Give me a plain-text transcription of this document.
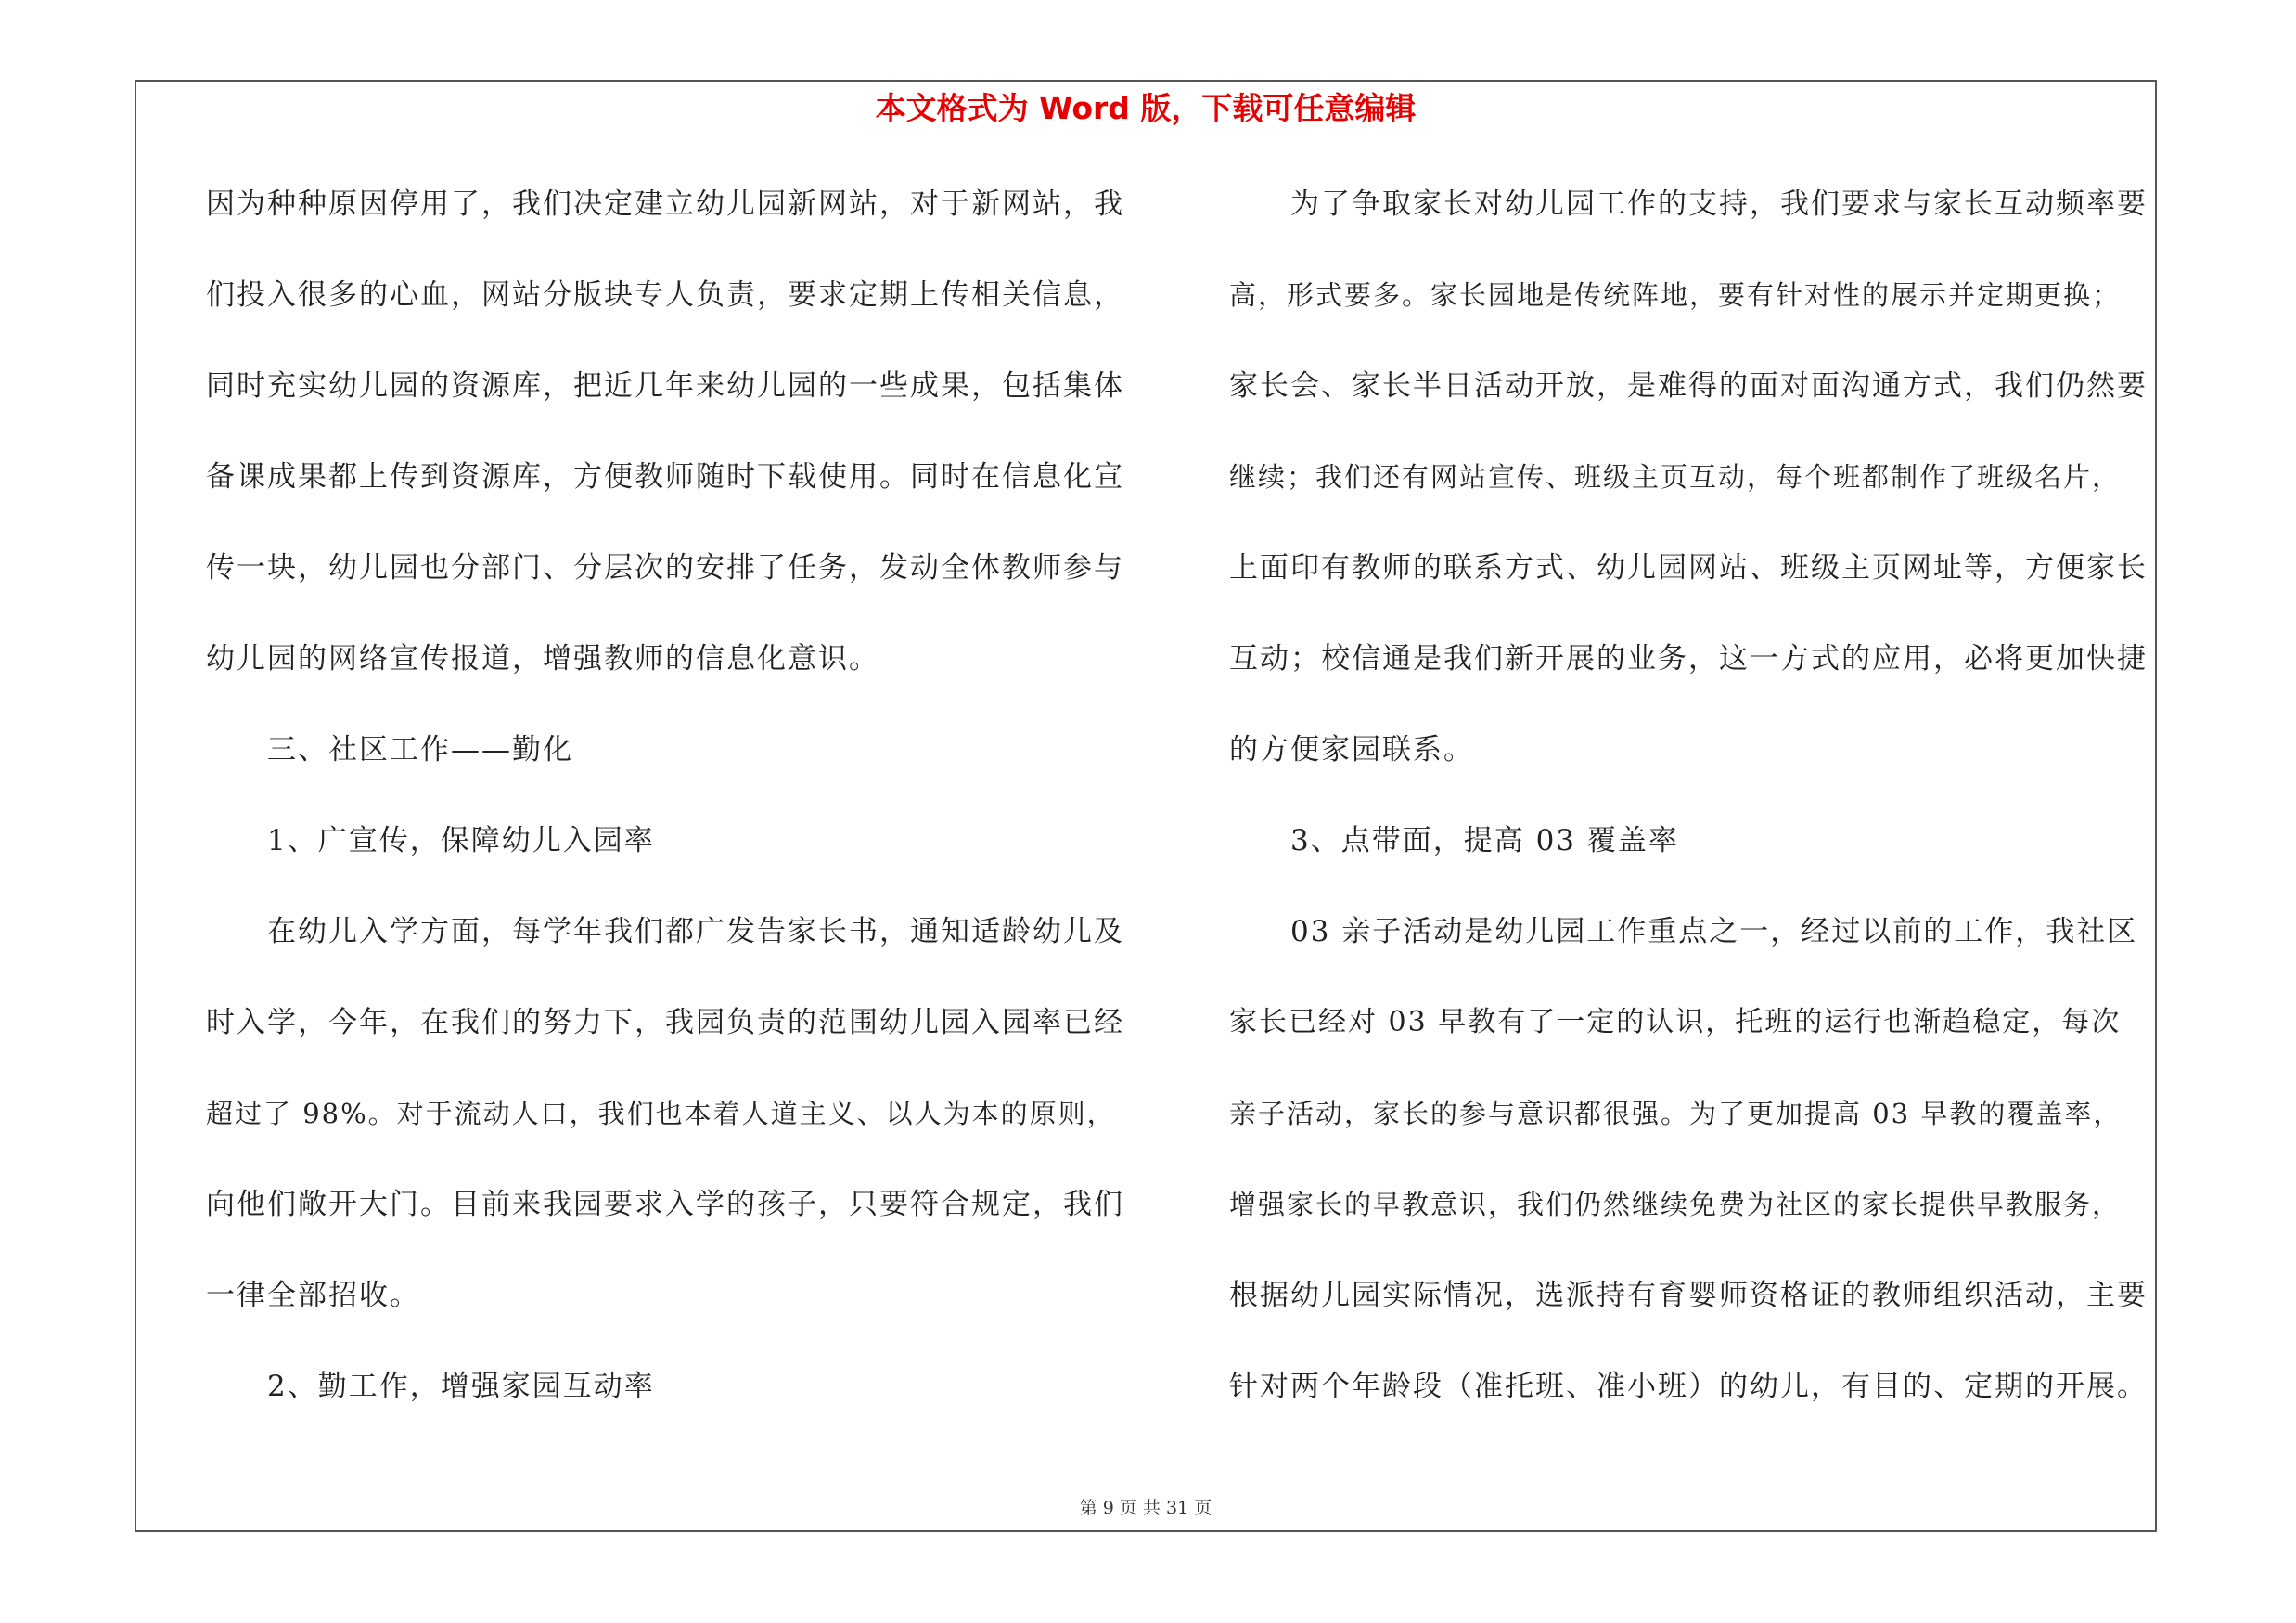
本文格式为 Word 版，下载可任意编辑
因为种种原因停用了，我们决定建立幼儿园新网站，对于新网站，我
们投入很多的心血，网站分版块专人负责，要求定期上传相关信息，
同时充实幼儿园的资源库，把近几年来幼儿园的一些成果，包括集体
备课成果都上传到资源库，方便教师随时下载使用。同时在信息化宣
传一块，幼儿园也分部门、分层次的安排了任务，发动全体教师参与
幼儿园的网络宣传报道，增强教师的信息化意识。
三、社区工作——勤化
1、广宣传，保障幼儿入园率
在幼儿入学方面，每学年我们都广发告家长书，通知适龄幼儿及
时入学，今年，在我们的努力下，我园负责的范围幼儿园入园率已经
超过了 98%。对于流动人口，我们也本着人道主义、以人为本的原则，
向他们敞开大门。目前来我园要求入学的孩子，只要符合规定，我们
一律全部招收。
2、勤工作，增强家园互动率
为了争取家长对幼儿园工作的支持，我们要求与家长互动频率要
高，形式要多。家长园地是传统阵地，要有针对性的展示并定期更换；
家长会、家长半日活动开放，是难得的面对面沟通方式，我们仍然要
继续；我们还有网站宣传、班级主页互动，每个班都制作了班级名片，
上面印有教师的联系方式、幼儿园网站、班级主页网址等，方便家长
互动；校信通是我们新开展的业务，这一方式的应用，必将更加快捷
的方便家园联系。
3、点带面，提高 03 覆盖率
03 亲子活动是幼儿园工作重点之一，经过以前的工作，我社区
家长已经对 03 早教有了一定的认识，托班的运行也渐趋稳定，每次
亲子活动，家长的参与意识都很强。为了更加提高 03 早教的覆盖率，
增强家长的早教意识，我们仍然继续免费为社区的家长提供早教服务，
根据幼儿园实际情况，选派持有育婴师资格证的教师组织活动，主要
针对两个年龄段（准托班、准小班）的幼儿，有目的、定期的开展。
第 9 页 共 31 页
